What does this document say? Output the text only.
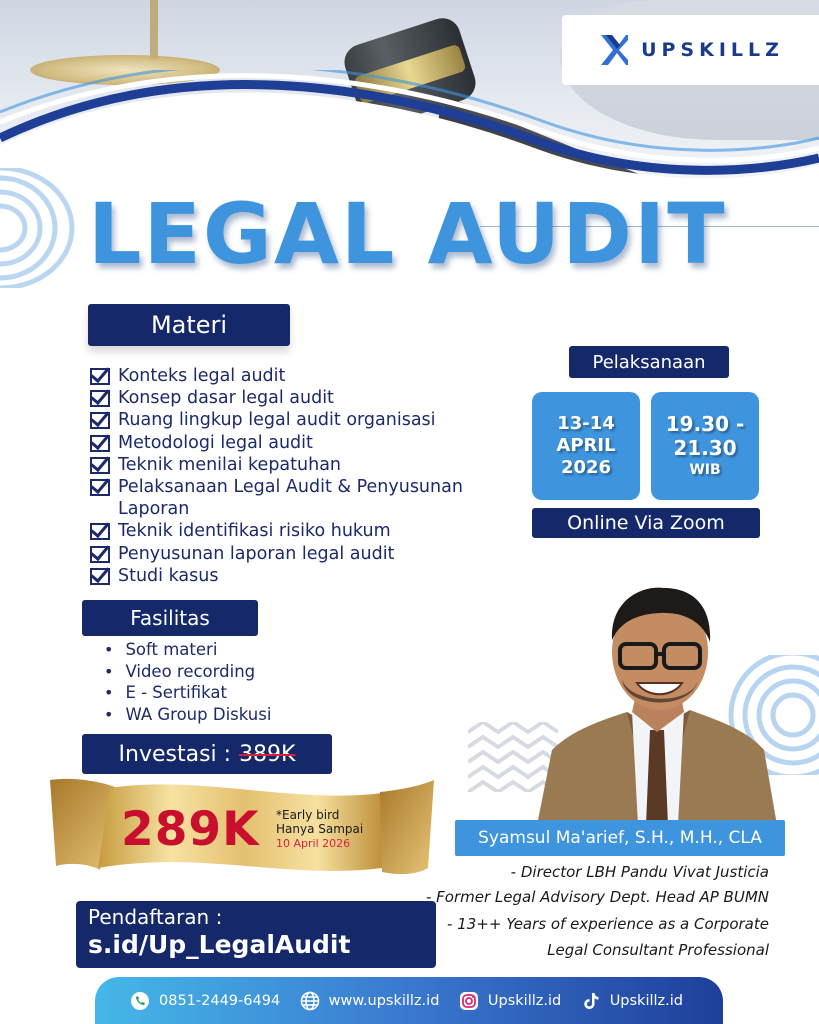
UPSKILLZ
LEGAL AUDIT
Materi
Konteks legal audit
Konsep dasar legal audit
Ruang lingkup legal audit organisasi
Metodologi legal audit
Teknik menilai kepatuhan
Pelaksanaan Legal Audit & Penyusunan Laporan
Teknik identifikasi risiko hukum
Penyusunan laporan legal audit
Studi kasus
Pelaksanaan
13-14
APRIL
2026
19.30 -
21.30
WIB
Online Via Zoom
Fasilitas
• Soft materi
• Video recording
• E - Sertifikat
• WA Group Diskusi
Investasi : 389K
289K *Early bird
Hanya Sampai
10 April 2026
Pendaftaran :
s.id/Up_LegalAudit
Syamsul Ma'arief, S.H., M.H., CLA
- Director LBH Pandu Vivat Justicia
- Former Legal Advisory Dept. Head AP BUMN
- 13++ Years of experience as a Corporate
Legal Consultant Professional
0851-2449-6494	www.upskillz.id	Upskillz.id	Upskillz.id
